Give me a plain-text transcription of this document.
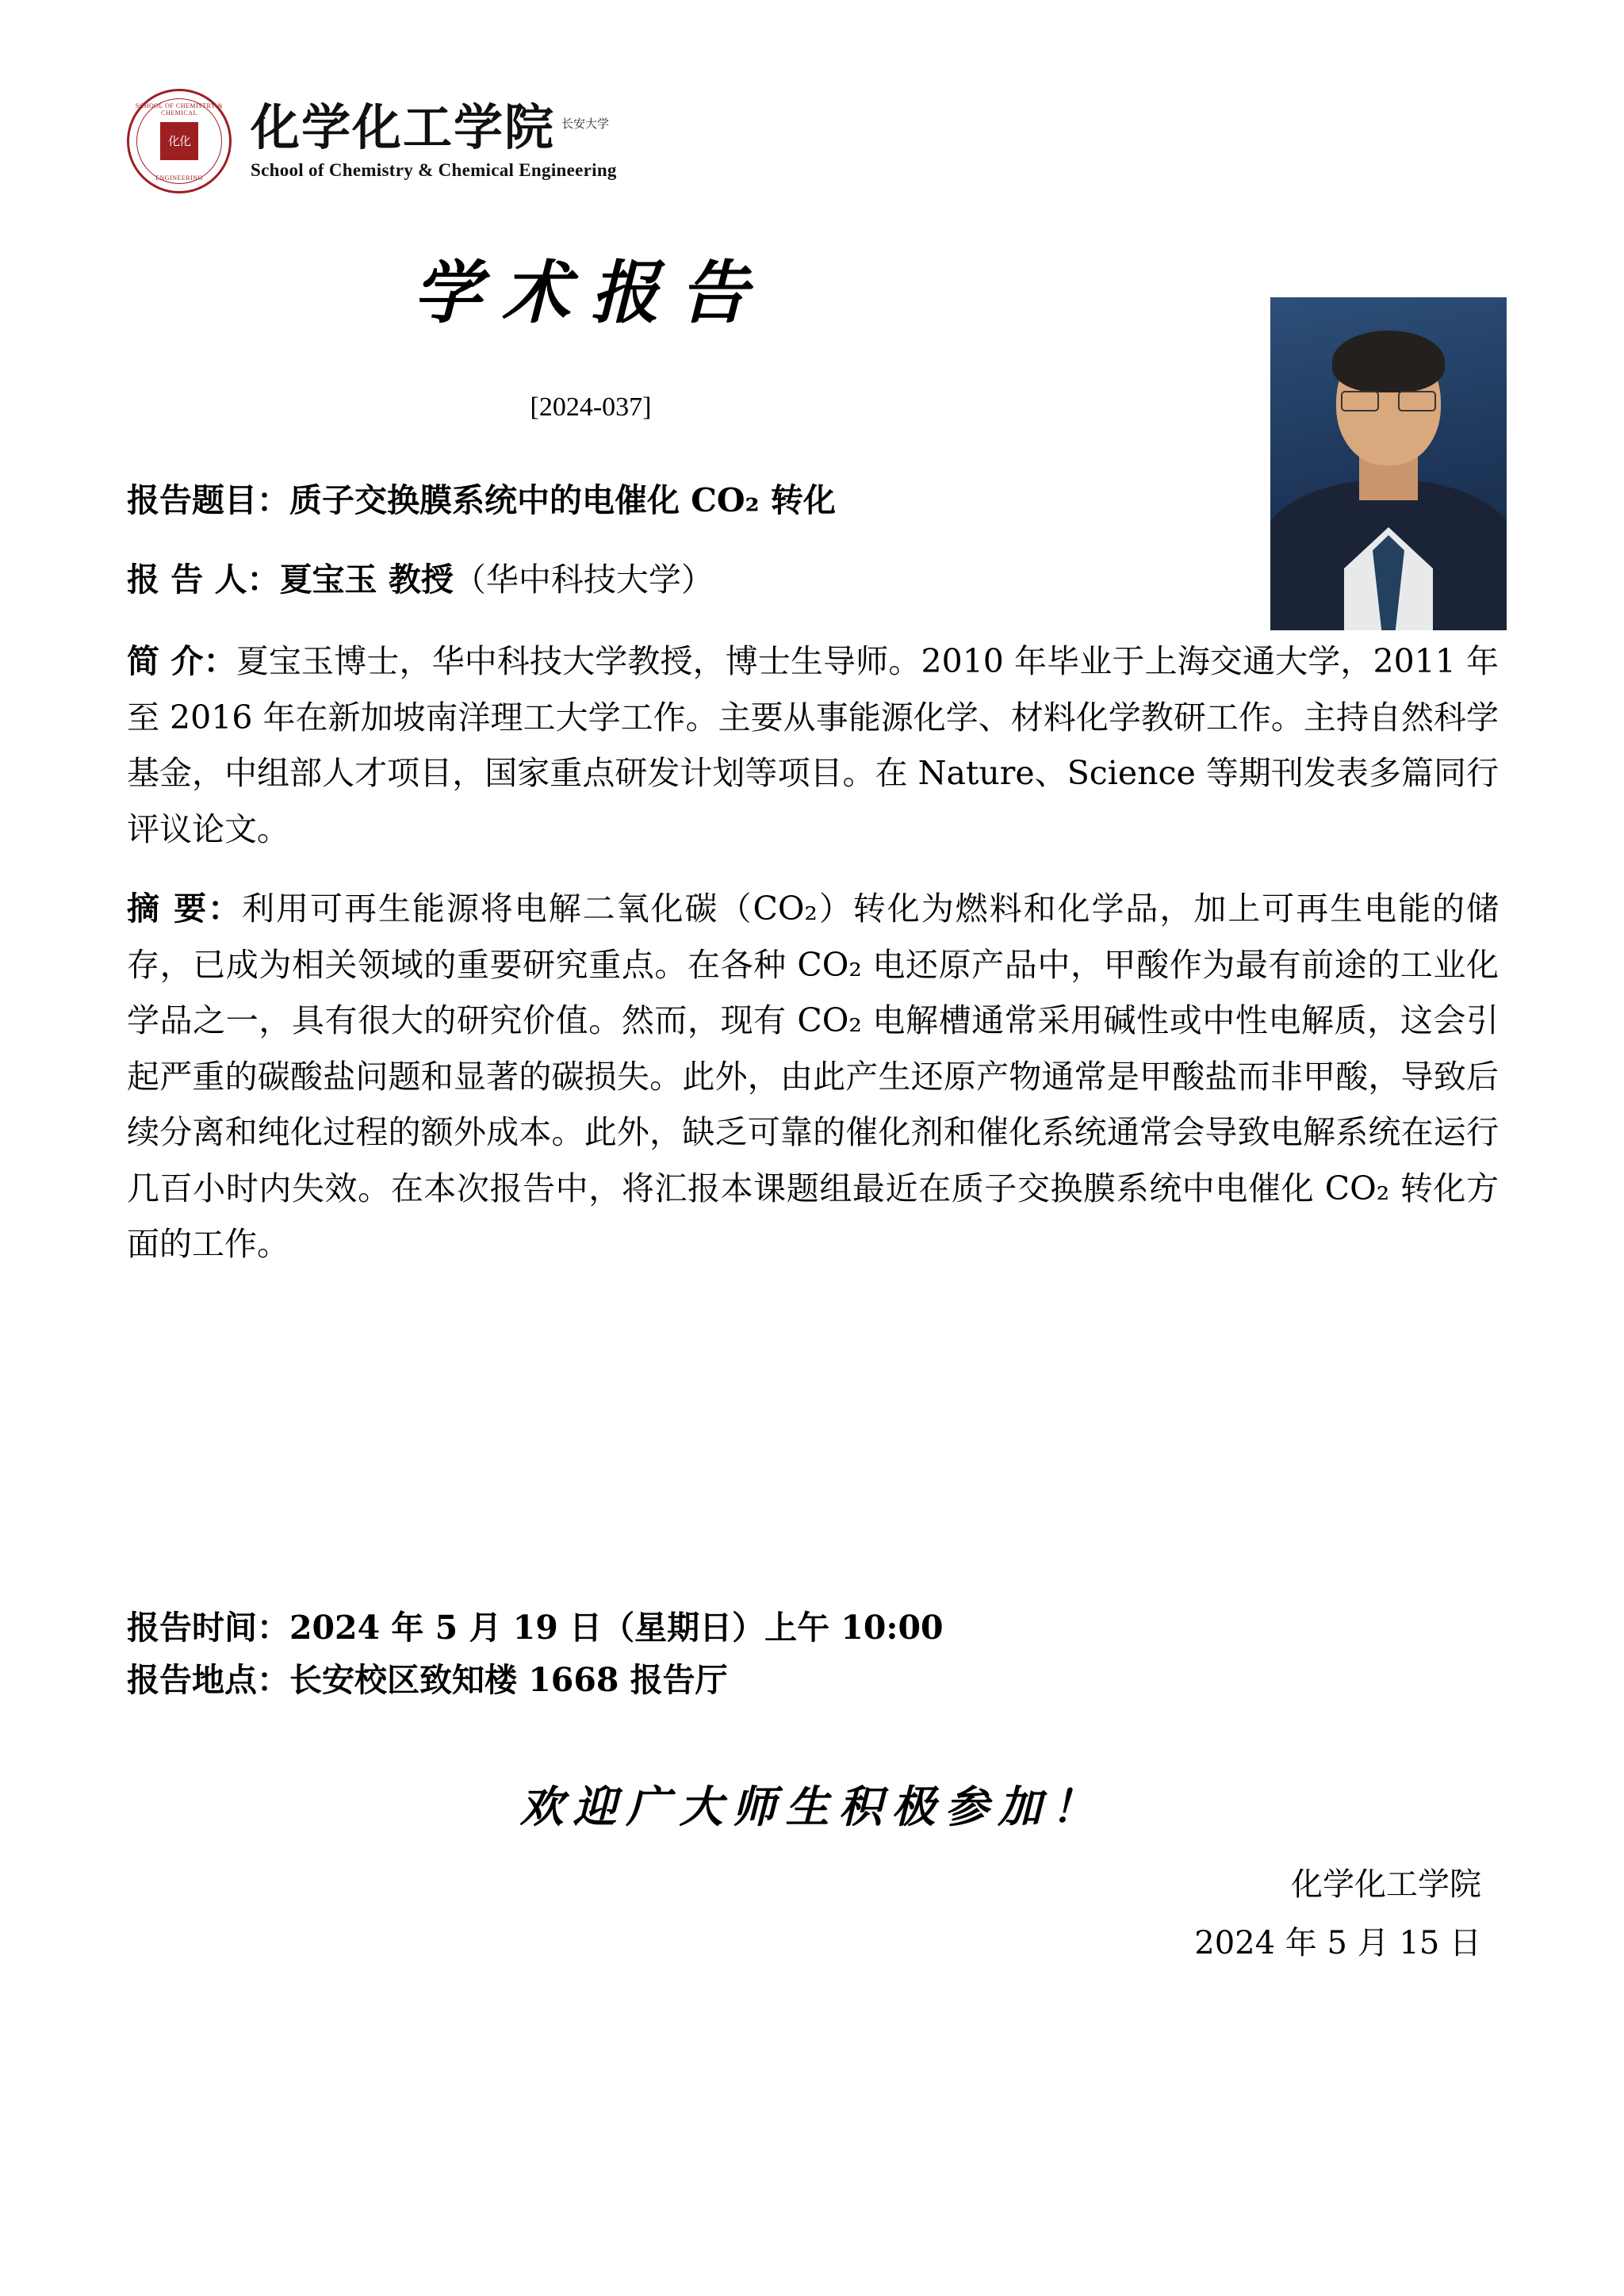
SCHOOL OF CHEMISTRY & CHEMICAL
化化
ENGINEERING
化学化工学院 $^{长安大学}$
School of Chemistry & Chemical Engineering
学术报告
[2024-037]
报告题目：质子交换膜系统中的电催化 CO₂ 转化
报 告 人：夏宝玉 教授（华中科技大学）
简 介：夏宝玉博士，华中科技大学教授，博士生导师。2010 年毕业于上海交通大学，2011 年至 2016 年在新加坡南洋理工大学工作。主要从事能源化学、材料化学教研工作。主持自然科学基金，中组部人才项目，国家重点研发计划等项目。在 Nature、Science 等期刊发表多篇同行评议论文。
摘 要：利用可再生能源将电解二氧化碳（CO₂）转化为燃料和化学品，加上可再生电能的储存，已成为相关领域的重要研究重点。在各种 CO₂ 电还原产品中，甲酸作为最有前途的工业化学品之一，具有很大的研究价值。然而，现有 CO₂ 电解槽通常采用碱性或中性电解质，这会引起严重的碳酸盐问题和显著的碳损失。此外，由此产生还原产物通常是甲酸盐而非甲酸，导致后续分离和纯化过程的额外成本。此外，缺乏可靠的催化剂和催化系统通常会导致电解系统在运行几百小时内失效。在本次报告中，将汇报本课题组最近在质子交换膜系统中电催化 CO₂ 转化方面的工作。
报告时间：2024 年 5 月 19 日（星期日）上午 10:00
报告地点：长安校区致知楼 1668 报告厅
欢迎广大师生积极参加！
化学化工学院
2024 年 5 月 15 日
